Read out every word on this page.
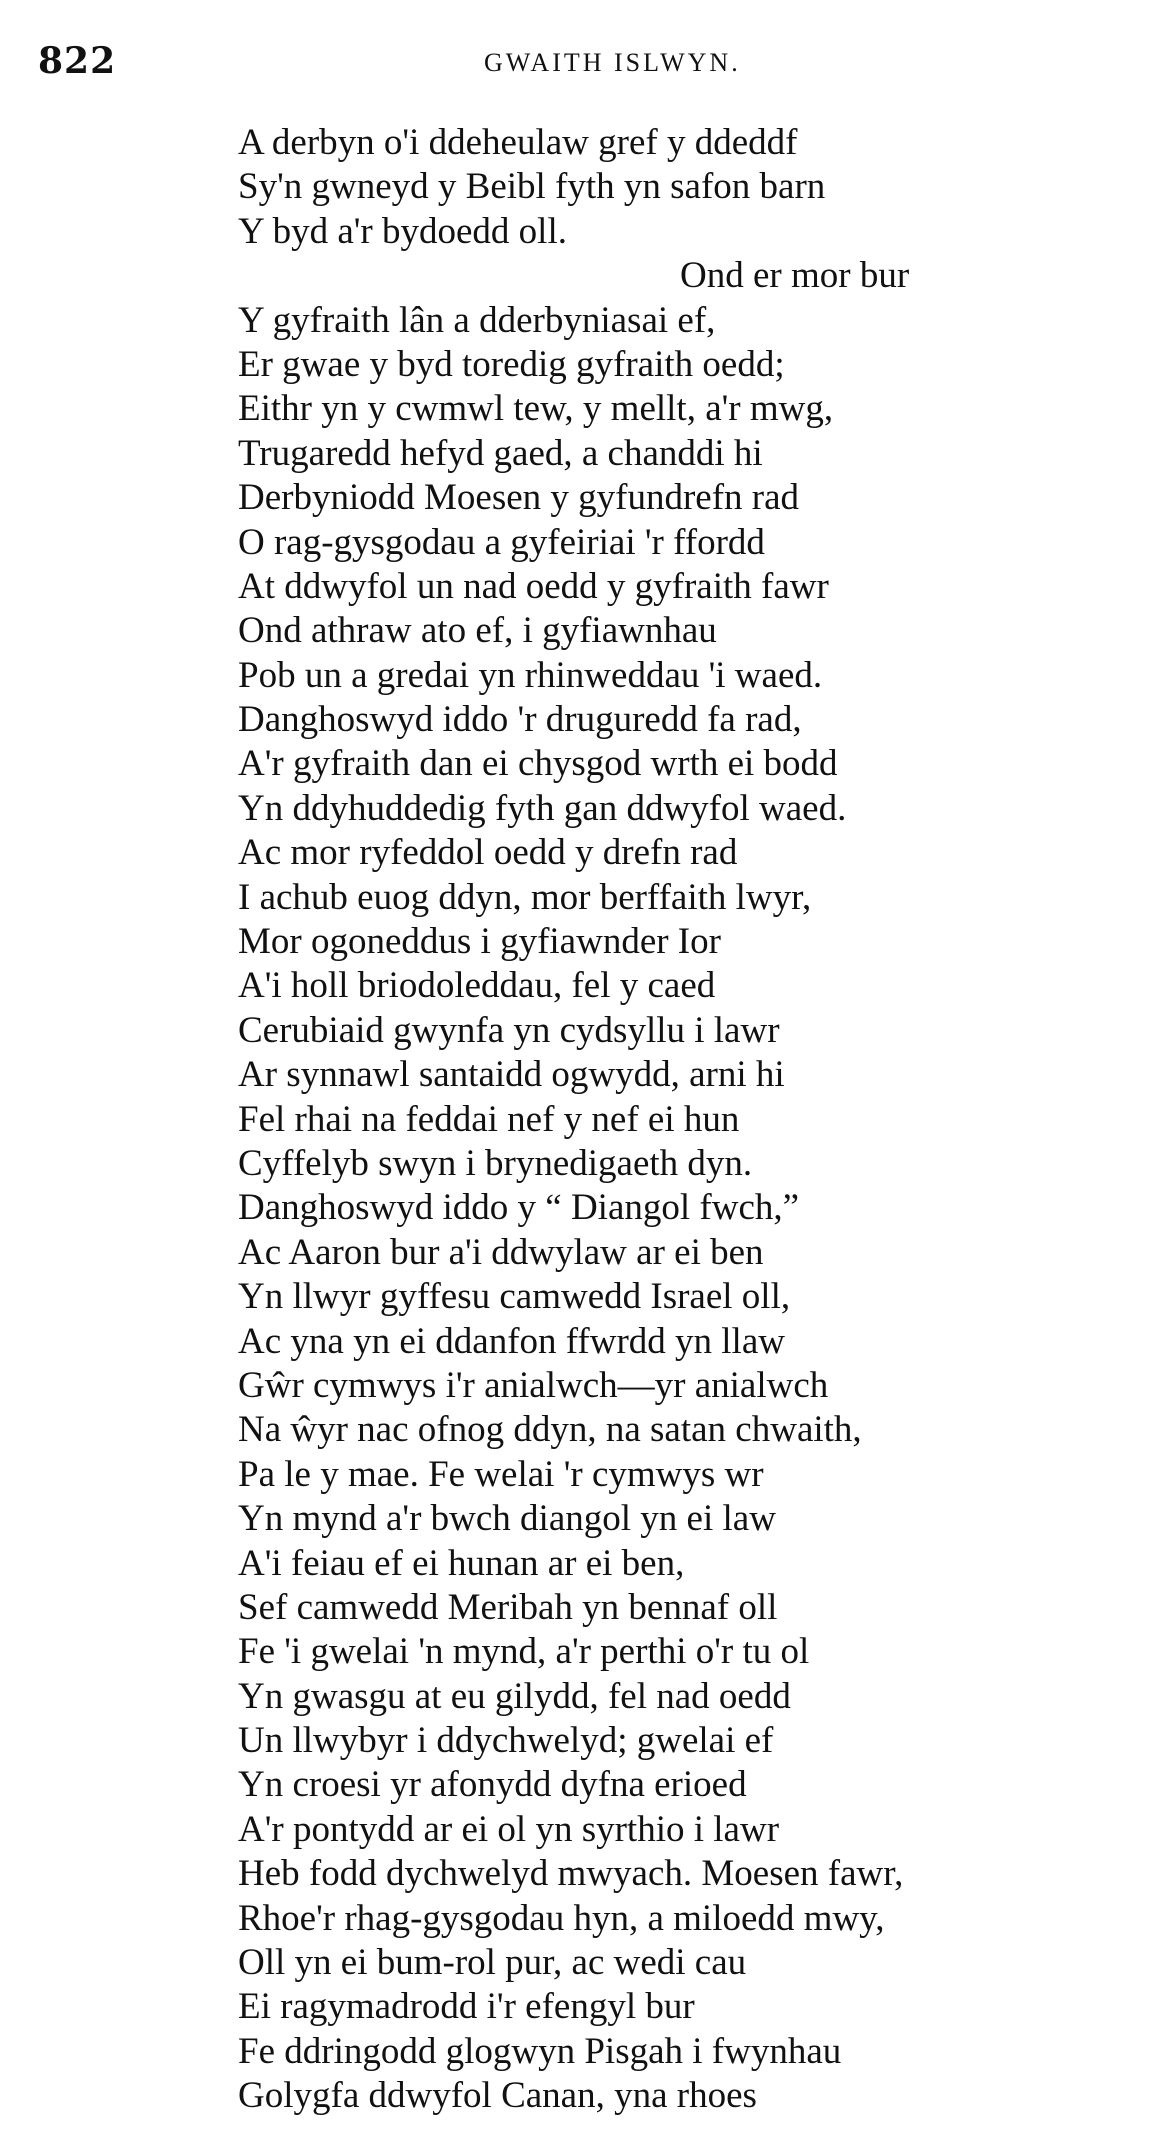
822	GWAITH ISLWYN.
A derbyn o'i ddeheulaw gref y ddeddf
Sy'n gwneyd y Beibl fyth yn safon barn
Y byd a'r bydoedd oll.
Ond er mor bur
Y gyfraith lân a dderbyniasai ef,
Er gwae y byd toredig gyfraith oedd;
Eithr yn y cwmwl tew, y mellt, a'r mwg,
Trugaredd hefyd gaed, a chanddi hi
Derbyniodd Moesen y gyfundrefn rad
O rag-gysgodau a gyfeiriai 'r ffordd
At ddwyfol un nad oedd y gyfraith fawr
Ond athraw ato ef, i gyfiawnhau
Pob un a gredai yn rhinweddau 'i waed.
Danghoswyd iddo 'r druguredd fa rad,
A'r gyfraith dan ei chysgod wrth ei bodd
Yn ddyhuddedig fyth gan ddwyfol waed.
Ac mor ryfeddol oedd y drefn rad
I achub euog ddyn, mor berffaith lwyr,
Mor ogoneddus i gyfiawnder Ior
A'i holl briodoleddau, fel y caed
Cerubiaid gwynfa yn cydsyllu i lawr
Ar synnawl santaidd ogwydd, arni hi
Fel rhai na feddai nef y nef ei hun
Cyffelyb swyn i brynedigaeth dyn.
Danghoswyd iddo y “ Diangol fwch,”
Ac Aaron bur a'i ddwylaw ar ei ben
Yn llwyr gyffesu camwedd Israel oll,
Ac yna yn ei ddanfon ffwrdd yn llaw
Gŵr cymwys i'r anialwch—yr anialwch
Na ŵyr nac ofnog ddyn, na satan chwaith,
Pa le y mae. Fe welai 'r cymwys wr
Yn mynd a'r bwch diangol yn ei law
A'i feiau ef ei hunan ar ei ben,
Sef camwedd Meribah yn bennaf oll
Fe 'i gwelai 'n mynd, a'r perthi o'r tu ol
Yn gwasgu at eu gilydd, fel nad oedd
Un llwybyr i ddychwelyd; gwelai ef
Yn croesi yr afonydd dyfna erioed
A'r pontydd ar ei ol yn syrthio i lawr
Heb fodd dychwelyd mwyach. Moesen fawr,
Rhoe'r rhag-gysgodau hyn, a miloedd mwy,
Oll yn ei bum-rol pur, ac wedi cau
Ei ragymadrodd i'r efengyl bur
Fe ddringodd glogwyn Pisgah i fwynhau
Golygfa ddwyfol Canan, yna rhoes
